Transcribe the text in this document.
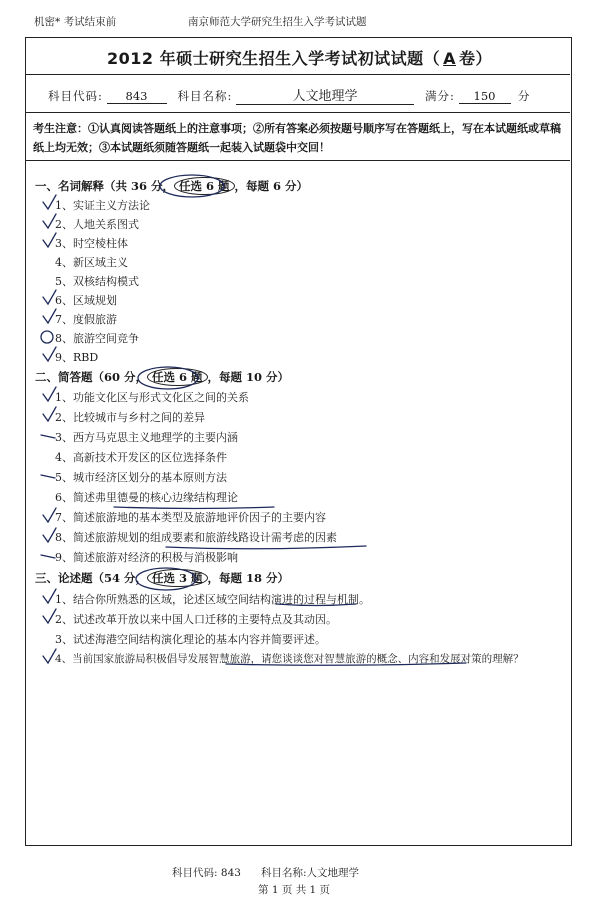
机密* 考试结束前	南京师范大学研究生招生入学考试试题
2012 年硕士研究生招生入学考试初试试题（ A 卷）
科目代码: 843	科目名称:	人文地理学	满分: 150 分
考生注意：①认真阅读答题纸上的注意事项；②所有答案必须按题号顺序写在答题纸上，写在本试题纸或草稿纸上均无效；③本试题纸须随答题纸一起装入试题袋中交回！
一、名词解释（共 36 分， 任选 6 题 ，每题 6 分）
1、实证主义方法论
2、人地关系图式
3、时空棱柱体
4、新区域主义
5、双核结构模式
6、区域规划
7、度假旅游
8、旅游空间竞争
9、RBD
二、简答题（60 分， 任选 6 题 ，每题 10 分）
1、功能文化区与形式文化区之间的关系
2、比较城市与乡村之间的差异
3、西方马克思主义地理学的主要内涵
4、高新技术开发区的区位选择条件
5、城市经济区划分的基本原则方法
6、简述弗里德曼的核心边缘结构理论
7、简述旅游地的基本类型及旅游地评价因子的主要内容
8、简述旅游规划的组成要素和旅游线路设计需考虑的因素
9、简述旅游对经济的积极与消极影响
三、论述题（54 分， 任选 3 题 ，每题 18 分）
1、结合你所熟悉的区域，论述区域空间结构演进的过程与机制。
2、试述改革开放以来中国人口迁移的主要特点及其动因。
3、试述海港空间结构演化理论的基本内容并简要评述。
4、当前国家旅游局积极倡导发展智慧旅游，请您谈谈您对智慧旅游的概念、内容和发展对策的理解？
科目代码: 843 科目名称:人文地理学
第 1 页 共 1 页
